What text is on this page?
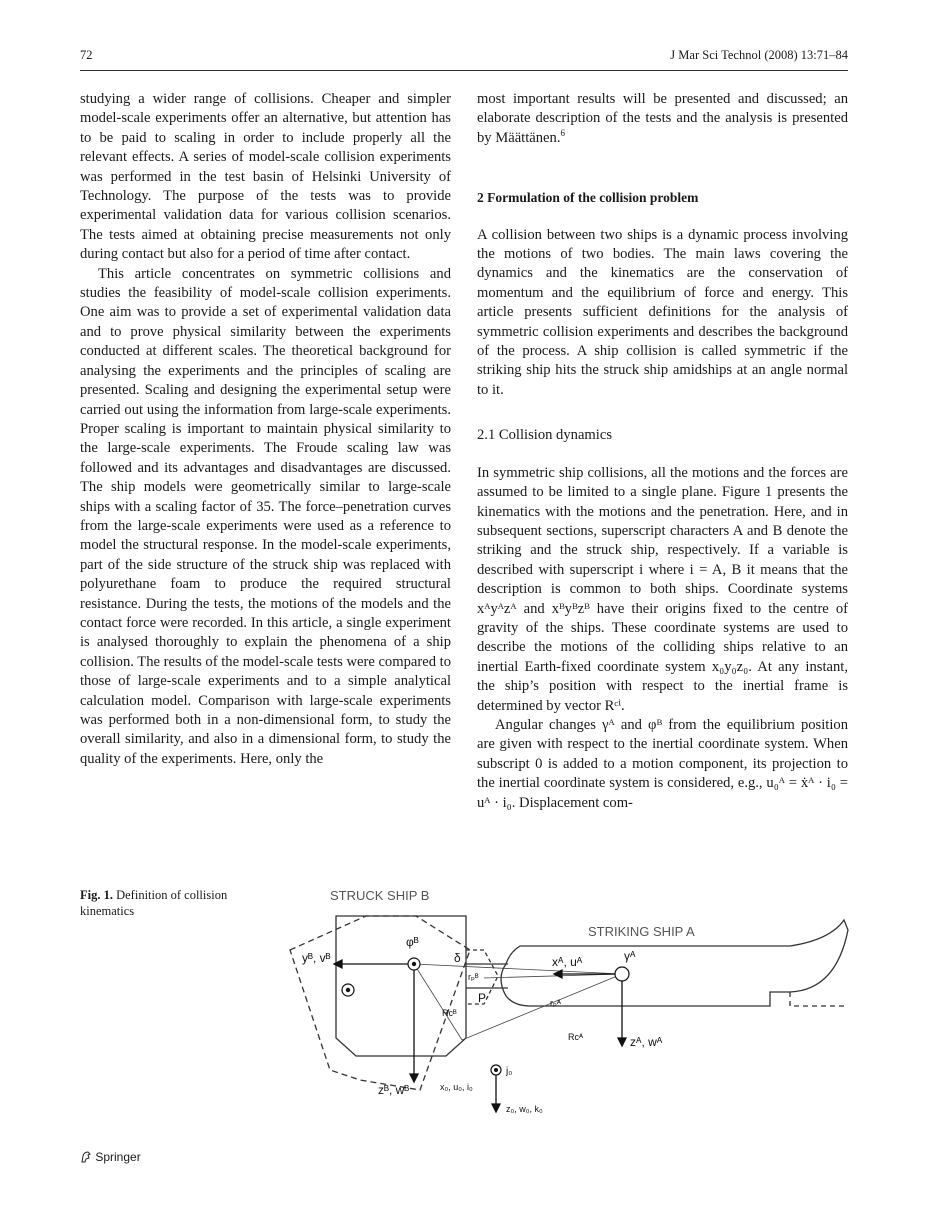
72	J Mar Sci Technol (2008) 13:71–84

studying a wider range of collisions. Cheaper and simpler model-scale experiments offer an alternative, but attention has to be paid to scaling in order to include properly all the relevant effects. A series of model-scale collision experiments was performed in the test basin of Helsinki University of Technology. The purpose of the tests was to provide experimental validation data for various collision scenarios. The tests aimed at obtaining precise measurements not only during contact but also for a period of time after contact.

This article concentrates on symmetric collisions and studies the feasibility of model-scale collision experiments. One aim was to provide a set of experimental validation data and to prove physical similarity between the experiments conducted at different scales. The theoretical background for analysing the experiments and the principles of scaling are presented. Scaling and designing the experimental setup were carried out using the information from large-scale experiments. Proper scaling is important to maintain physical similarity to the large-scale experiments. The Froude scaling law was followed and its advantages and disadvantages are discussed. The ship models were geometrically similar to large-scale ships with a scaling factor of 35. The force–penetration curves from the large-scale experiments were used as a reference to model the structural response. In the model-scale experiments, part of the side structure of the struck ship was replaced with polyurethane foam to produce the required structural resistance. During the tests, the motions of the models and the contact force were recorded. In this article, a single experiment is analysed thoroughly to explain the phenomena of a ship collision. The results of the model-scale tests were compared to those of large-scale experiments and to a simple analytical calculation model. Comparison with large-scale experiments was performed both in a non-dimensional form, to study the overall similarity, and also in a dimensional form, to study the quality of the experiments. Here, only the

most important results will be presented and discussed; an elaborate description of the tests and the analysis is presented by Määttänen.$^6$

2 Formulation of the collision problem

A collision between two ships is a dynamic process involving the motions of two bodies. The main laws covering the dynamics and the kinematics are the conservation of momentum and the equilibrium of force and energy. This article presents sufficient definitions for the analysis of symmetric collision experiments and describes the background of the process. A ship collision is called symmetric if the striking ship hits the struck ship amidships at an angle normal to it.

2.1 Collision dynamics

In symmetric ship collisions, all the motions and the forces are assumed to be limited to a single plane. Figure 1 presents the kinematics with the motions and the penetration. Here, and in subsequent sections, superscript characters A and B denote the striking and the struck ship, respectively. If a variable is described with superscript i where i = A, B it means that the description is common to both ships. Coordinate systems xᴬyᴬzᴬ and xᴮyᴮzᴮ have their origins fixed to the centre of gravity of the ships. These coordinate systems are used to describe the motions of the colliding ships relative to an inertial Earth-fixed coordinate system x₀y₀z₀. At any instant, the ship’s position with respect to the inertial frame is determined by vector Rᶜⁱ.

Angular changes γᴬ and φᴮ from the equilibrium position are given with respect to the inertial coordinate system. When subscript 0 is added to a motion component, its projection to the inertial coordinate system is considered, e.g., u₀ᴬ = ẋᴬ · i₀ = uᴬ · i₀. Displacement com-

Fig. 1. Definition of collision kinematics
STRUCK SHIP B
STRIKING SHIP A
yᴮ, vᴮ
φᴮ
δ
rₚᴮ
P
Rᴄᴮ
xᴬ, uᴬ	γᴬ
rₚᴬ
Rᴄᴬ	zᴬ, wᴬ
zᴮ, wᴮ
j₀
x₀, u₀, i₀
z₀, w₀, k₀
Springer
